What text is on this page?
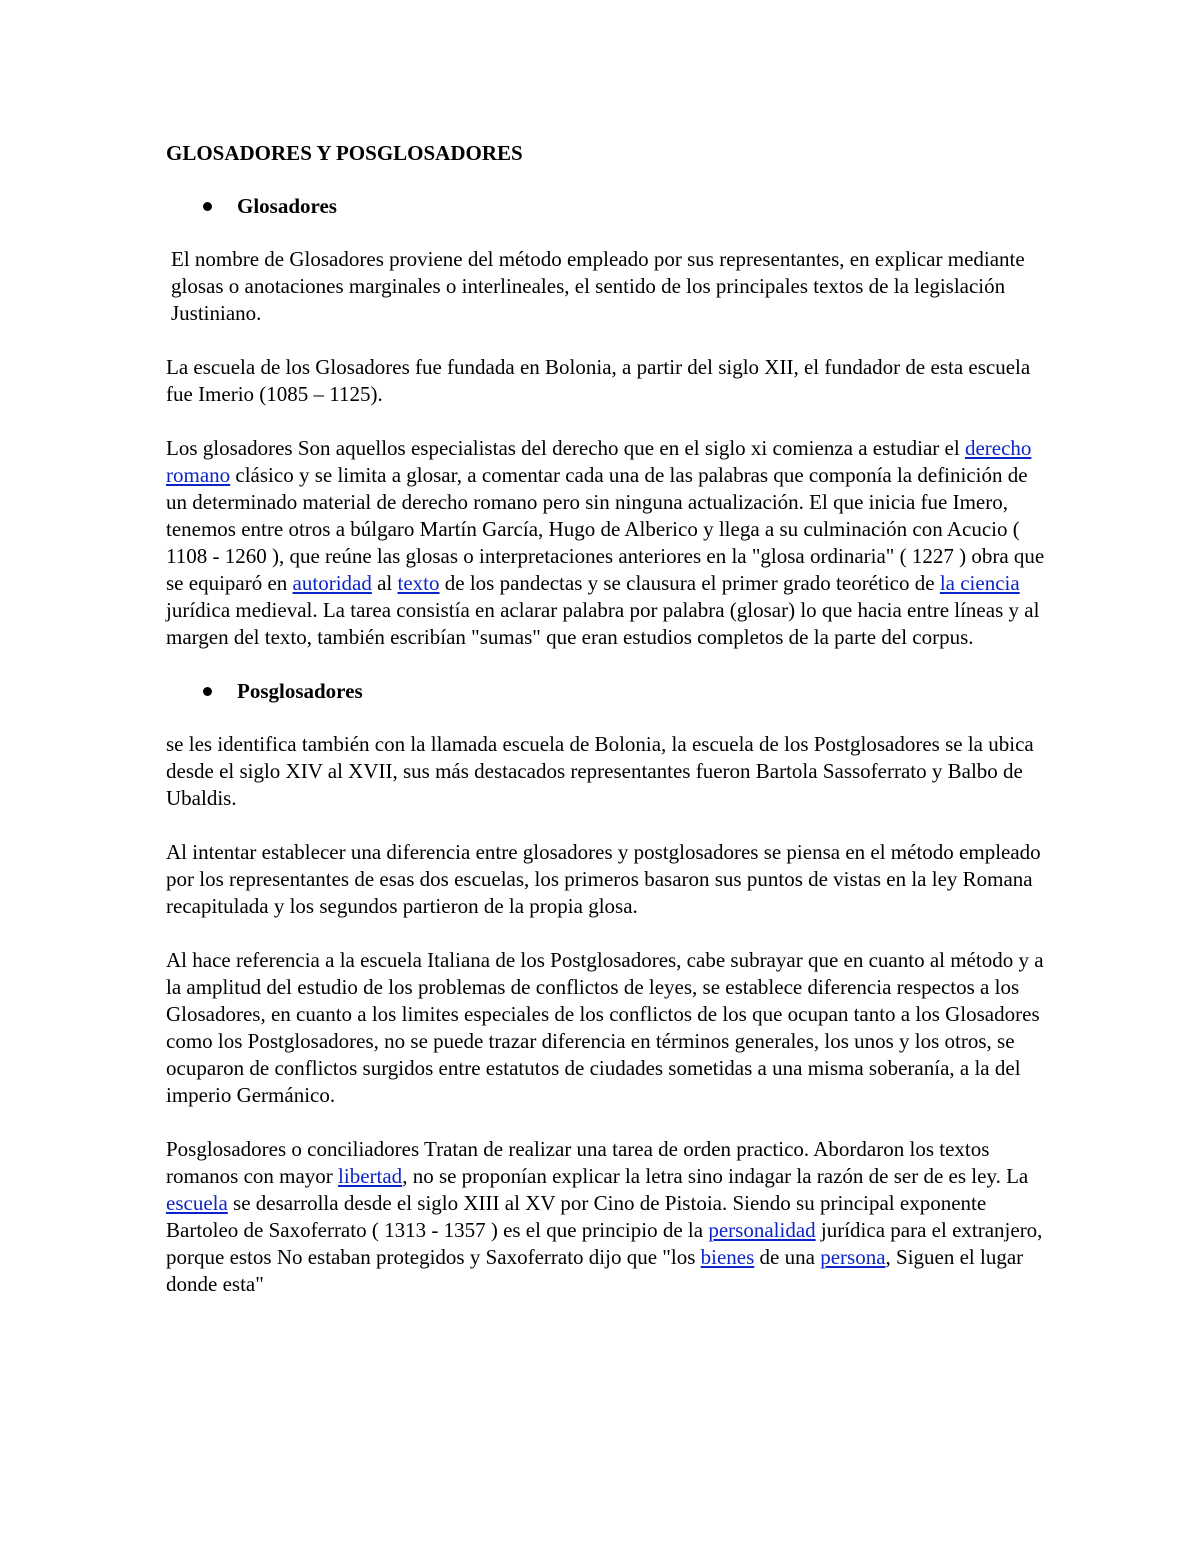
GLOSADORES Y POSGLOSADORES
Glosadores

El nombre de Glosadores proviene del método empleado por sus representantes, en explicar mediante glosas o anotaciones marginales o interlineales, el sentido de los principales textos de la legislación Justiniano.

La escuela de los Glosadores fue fundada en Bolonia, a partir del siglo XII, el fundador de esta escuela fue Imerio (1085 – 1125).

Los glosadores Son aquellos especialistas del derecho que en el siglo xi comienza a estudiar el derecho romano clásico y se limita a glosar, a comentar cada una de las palabras que componía la definición de un determinado material de derecho romano pero sin ninguna actualización. El que inicia fue Imero, tenemos entre otros a búlgaro Martín García, Hugo de Alberico y llega a su culminación con Acucio ( 1108 - 1260 ), que reúne las glosas o interpretaciones anteriores en la "glosa ordinaria" ( 1227 ) obra que se equiparó en autoridad al texto de los pandectas y se clausura el primer grado teorético de la ciencia jurídica medieval. La tarea consistía en aclarar palabra por palabra (glosar) lo que hacia entre líneas y al margen del texto, también escribían "sumas" que eran estudios completos de la parte del corpus.

Posglosadores

se les identifica también con la llamada escuela de Bolonia, la escuela de los Postglosadores se la ubica desde el siglo XIV al XVII, sus más destacados representantes fueron Bartola Sassoferrato y Balbo de Ubaldis.

Al intentar establecer una diferencia entre glosadores y postglosadores se piensa en el método empleado por los representantes de esas dos escuelas, los primeros basaron sus puntos de vistas en la ley Romana recapitulada y los segundos partieron de la propia glosa.

Al hace referencia a la escuela Italiana de los Postglosadores, cabe subrayar que en cuanto al método y a la amplitud del estudio de los problemas de conflictos de leyes, se establece diferencia respectos a los Glosadores, en cuanto a los limites especiales de los conflictos de los que ocupan tanto a los Glosadores como los Postglosadores, no se puede trazar diferencia en términos generales, los unos y los otros, se ocuparon de conflictos surgidos entre estatutos de ciudades sometidas a una misma soberanía, a la del imperio Germánico.

Posglosadores o conciliadores Tratan de realizar una tarea de orden practico. Abordaron los textos romanos con mayor libertad, no se proponían explicar la letra sino indagar la razón de ser de es ley. La escuela se desarrolla desde el siglo XIII al XV por Cino de Pistoia. Siendo su principal exponente Bartoleo de Saxoferrato ( 1313 - 1357 ) es el que principio de la personalidad jurídica para el extranjero, porque estos No estaban protegidos y Saxoferrato dijo que "los bienes de una persona, Siguen el lugar donde esta"
